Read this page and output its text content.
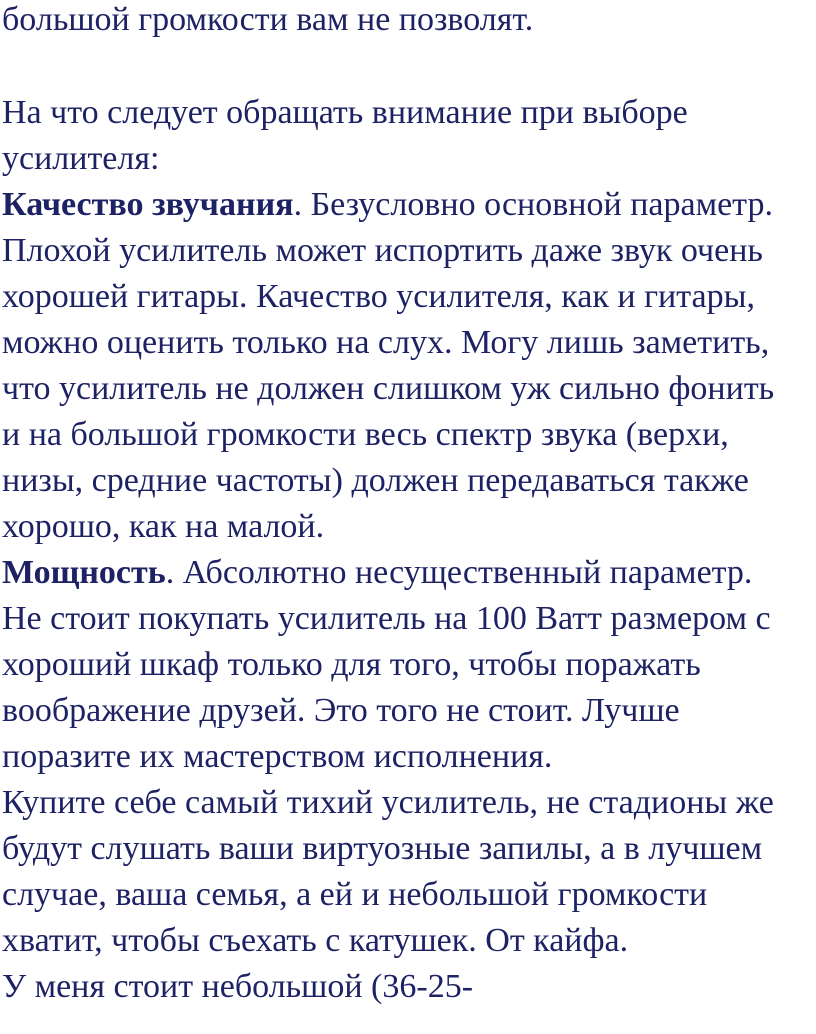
большой громкости вам не позволят.

На что следует обращать внимание при выборе

усилителя:

Качество звучания. Безусловно основной параметр.

Плохой усилитель может испортить даже звук очень

хорошей гитары. Качество усилителя, как и гитары,

можно оценить только на слух. Могу лишь заметить,

что усилитель не должен слишком уж сильно фонить

и на большой громкости весь спектр звука (верхи,

низы, средние частоты) должен передаваться также

хорошо, как на малой.

Мощность. Абсолютно несущественный параметр.

Не стоит покупать усилитель на 100 Ватт размером с

хороший шкаф только для того, чтобы поражать

воображение друзей. Это того не стоит. Лучше

поразите их мастерством исполнения.

Купите себе самый тихий усилитель, не стадионы же

будут слушать ваши виртуозные запилы, а в лучшем

случае, ваша семья, а ей и небольшой громкости

хватит, чтобы съехать с катушек. От кайфа.

У меня стоит небольшой (36-25-
